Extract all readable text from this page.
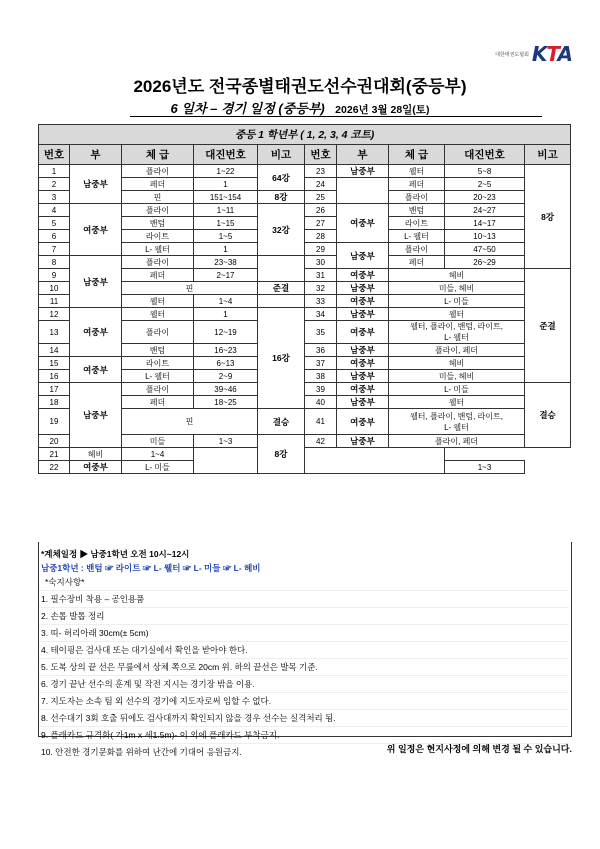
대한태권도협회 KTA
2026년도 전국종별태권도선수권대회(중등부)
6 일차 – 경기 일정 (중등부) 2026년 3월 28일(토)
중등 1 학년부 ( 1, 2, 3, 4 코트)									
번호	부	체 급	대진번호	비고	번호	부	체 급	대진번호	비고
1	남중부	플라이	1~22	64강	23	남중부	웰터	5~8	8강
2		페더	1		24		페더	2~5	
3		핀	151~154	8강	25		플라이	20~23	
4	여중부	플라이	1~11	32강	26	여중부	밴텀	24~27	
5		밴텀	1~15		27		라이트	14~17	
6		라이트	1~5		28		L- 웰터	10~13	
7		L- 웰터	1		29	남중부	플라이	47~50	
8	남중부	플라이	23~38		30		페더	26~29	
9		페더	2~17		31	여중부	헤비		준결
10		핀		준결	32	남중부	미들, 헤비		
11		웰터	1~4		33	여중부	L- 미들		
12	여중부	웰터	1	16강	34	남중부	웰터		
13		플라이	12~19		35	여중부	웰터, 플라이, 밴텀, 라이트,
L- 웰터		
14		밴텀	16~23		36	남중부	플라이, 페더		
15	여중부	라이트	6~13		37	여중부	헤비		
16		L- 웰터	2~9		38	남중부	미들, 헤비		
17	남중부	플라이	39~46		39	여중부	L- 미들		결승
18		페더	18~25		40	남중부	웰터		
19		핀		결승	41	여중부	웰터, 플라이, 밴텀, 라이트,
L- 웰터		
20		미들	1~3	8강	42	남중부	플라이, 페더		
21	헤비	1~4							
22	여중부	L- 미들						1~3	
*계체일정 ▶ 남중1학년 오전 10시~12시
남중1학년 : 밴텀 ☞ 라이트 ☞ L- 웰터 ☞ L- 미들 ☞ L- 헤비
*숙지사항*
1. 필수장비 착용 – 공인용품
2. 손톱 발톱 정리
3. 띠- 허리아래 30cm(± 5cm)
4. 테이핑은 검사대 또는 대기실에서 확인을 받아야 한다.
5. 도복 상의 끝 선은 무릎에서 상체 쪽으로 20cm 위. 하의 끝선은 발목 기준.
6. 경기 끝난 선수의 훈계 및 작전 지시는 경기장 밖을 이용.
7. 지도자는 소속 팀 외 선수의 경기에 지도자로써 임할 수 없다.
8. 선수대기 3회 호출 뒤에도 검사대까지 확인되지 않을 경우 선수는 실격처리 됨.
9. 플래카드 규격화( 가1m x 세1.5m)- 이 외에 플래카드 부착금지.
10. 안전한 경기문화를 위하여 난간에 기대어 응원금지.	위 일정은 현지사정에 의해 변경 될 수 있습니다.
